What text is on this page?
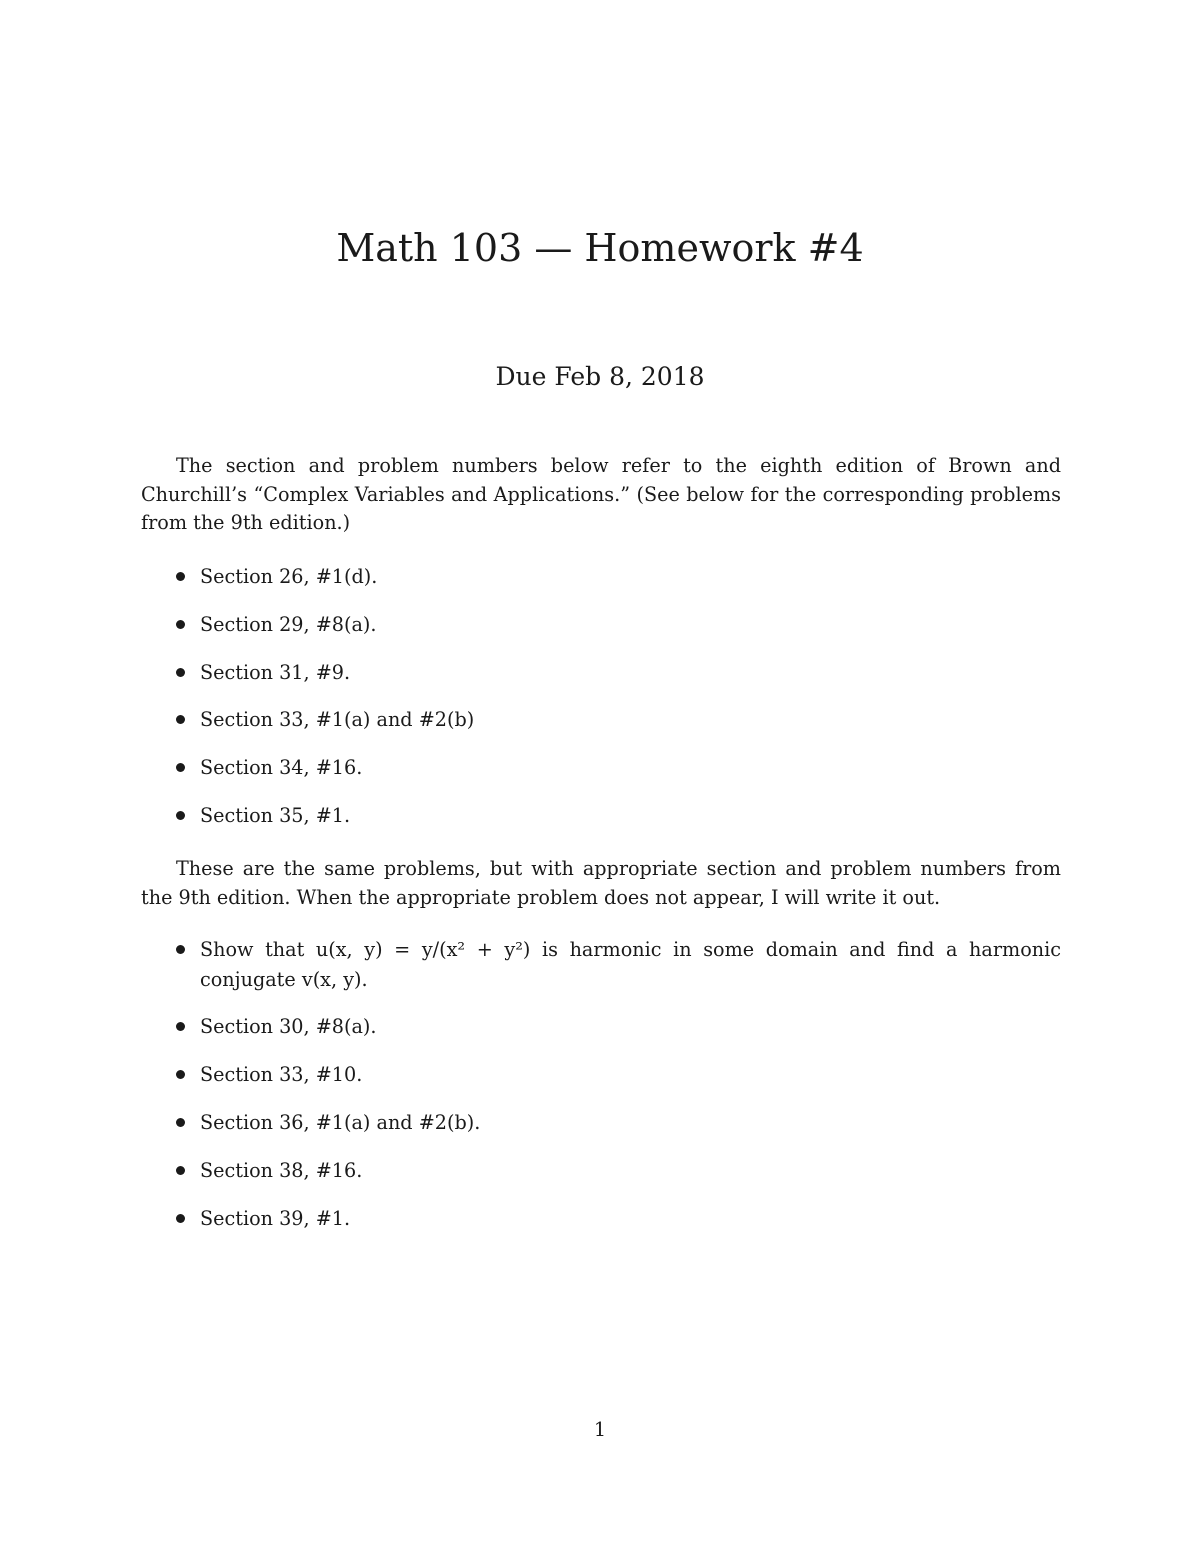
Math 103 — Homework #4
Due Feb 8, 2018

The section and problem numbers below refer to the eighth edition of Brown and Churchill’s “Complex Variables and Applications.” (See below for the corresponding problems from the 9th edition.)

Section 26, #1(d).
Section 29, #8(a).
Section 31, #9.
Section 33, #1(a) and #2(b)
Section 34, #16.
Section 35, #1.

These are the same problems, but with appropriate section and problem numbers from the 9th edition. When the appropriate problem does not appear, I will write it out.

Show that u(x, y) = y/(x² + y²) is harmonic in some domain and find a harmonic conjugate v(x, y).
Section 30, #8(a).
Section 33, #10.
Section 36, #1(a) and #2(b).
Section 38, #16.
Section 39, #1.
1
